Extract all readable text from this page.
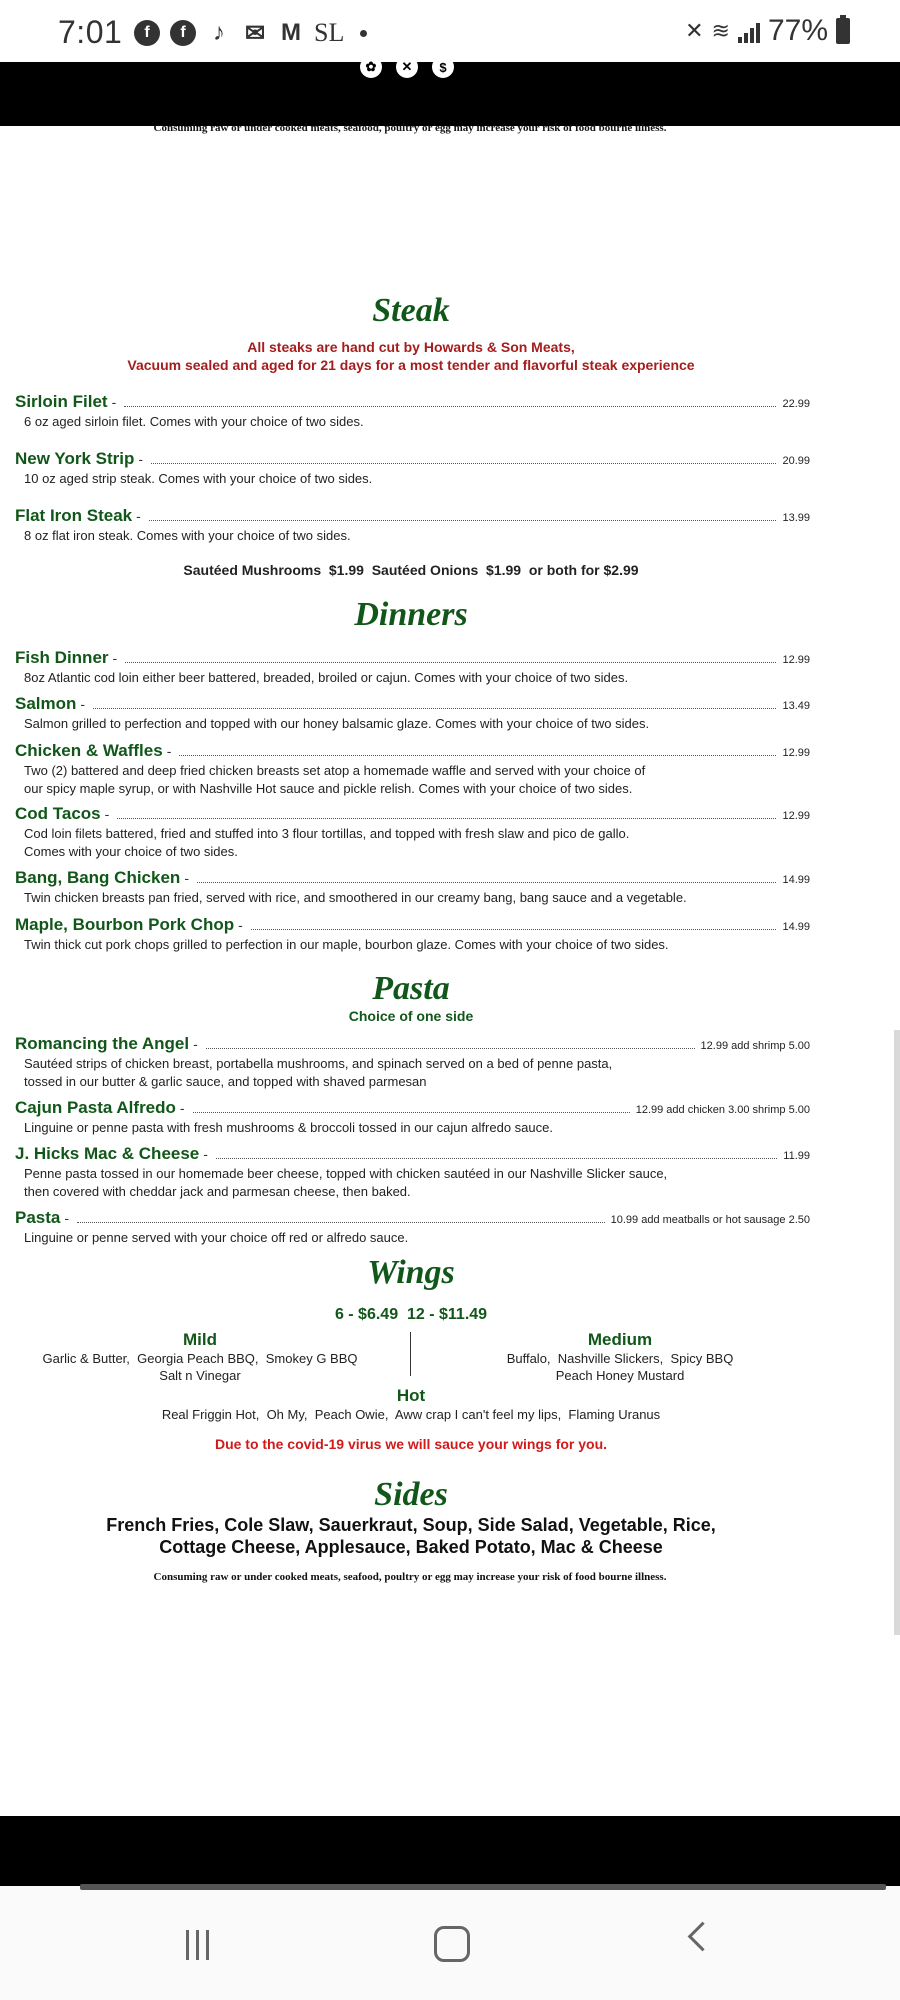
7:01	f	f	♪ ✉ M SL	✕ ≋ 77%
✿	✕	$
Consuming raw or under cooked meats, seafood, poultry or egg may increase your risk of food bourne illness.
Steak
All steaks are hand cut by Howards & Son Meats,
Vacuum sealed and aged for 21 days for a most tender and flavorful steak experience
Sirloin Filet -	22.99
6 oz aged sirloin filet. Comes with your choice of two sides.
New York Strip -	20.99
10 oz aged strip steak. Comes with your choice of two sides.
Flat Iron Steak -	13.99
8 oz flat iron steak. Comes with your choice of two sides.
Sautéed Mushrooms  $1.99  Sautéed Onions  $1.99  or both for $2.99
Dinners
Fish Dinner -	12.99
8oz Atlantic cod loin either beer battered, breaded, broiled or cajun. Comes with your choice of two sides.
Salmon -	13.49
Salmon grilled to perfection and topped with our honey balsamic glaze. Comes with your choice of two sides.
Chicken & Waffles -	12.99
Two (2) battered and deep fried chicken breasts set atop a homemade waffle and served with your choice of
our spicy maple syrup, or with Nashville Hot sauce and pickle relish. Comes with your choice of two sides.
Cod Tacos -	12.99
Cod loin filets battered, fried and stuffed into 3 flour tortillas, and topped with fresh slaw and pico de gallo.
Comes with your choice of two sides.
Bang, Bang Chicken -	14.99
Twin chicken breasts pan fried, served with rice, and smoothered in our creamy bang, bang sauce and a vegetable.
Maple, Bourbon Pork Chop -	14.99
Twin thick cut pork chops grilled to perfection in our maple, bourbon glaze. Comes with your choice of two sides.
Pasta
Choice of one side
Romancing the Angel -	12.99 add shrimp 5.00
Sautéed strips of chicken breast, portabella mushrooms, and spinach served on a bed of penne pasta,
tossed in our butter & garlic sauce, and topped with shaved parmesan
Cajun Pasta Alfredo -	12.99 add chicken 3.00 shrimp 5.00
Linguine or penne pasta with fresh mushrooms & broccoli tossed in our cajun alfredo sauce.
J. Hicks Mac & Cheese -	11.99
Penne pasta tossed in our homemade beer cheese, topped with chicken sautéed in our Nashville Slicker sauce,
then covered with cheddar jack and parmesan cheese, then baked.
Pasta -	10.99 add meatballs or hot sausage 2.50
Linguine or penne served with your choice off red or alfredo sauce.
Wings
6 - $6.49  12 - $11.49
Mild
Garlic & Butter,  Georgia Peach BBQ,  Smokey G BBQ
Salt n Vinegar
Medium
Buffalo,  Nashville Slickers,  Spicy BBQ
Peach Honey Mustard
Hot
Real Friggin Hot,  Oh My,  Peach Owie,  Aww crap I can't feel my lips,  Flaming Uranus
Due to the covid-19 virus we will sauce your wings for you.
Sides
French Fries, Cole Slaw, Sauerkraut, Soup, Side Salad, Vegetable, Rice,
Cottage Cheese, Applesauce, Baked Potato, Mac & Cheese
Consuming raw or under cooked meats, seafood, poultry or egg may increase your risk of food bourne illness.
